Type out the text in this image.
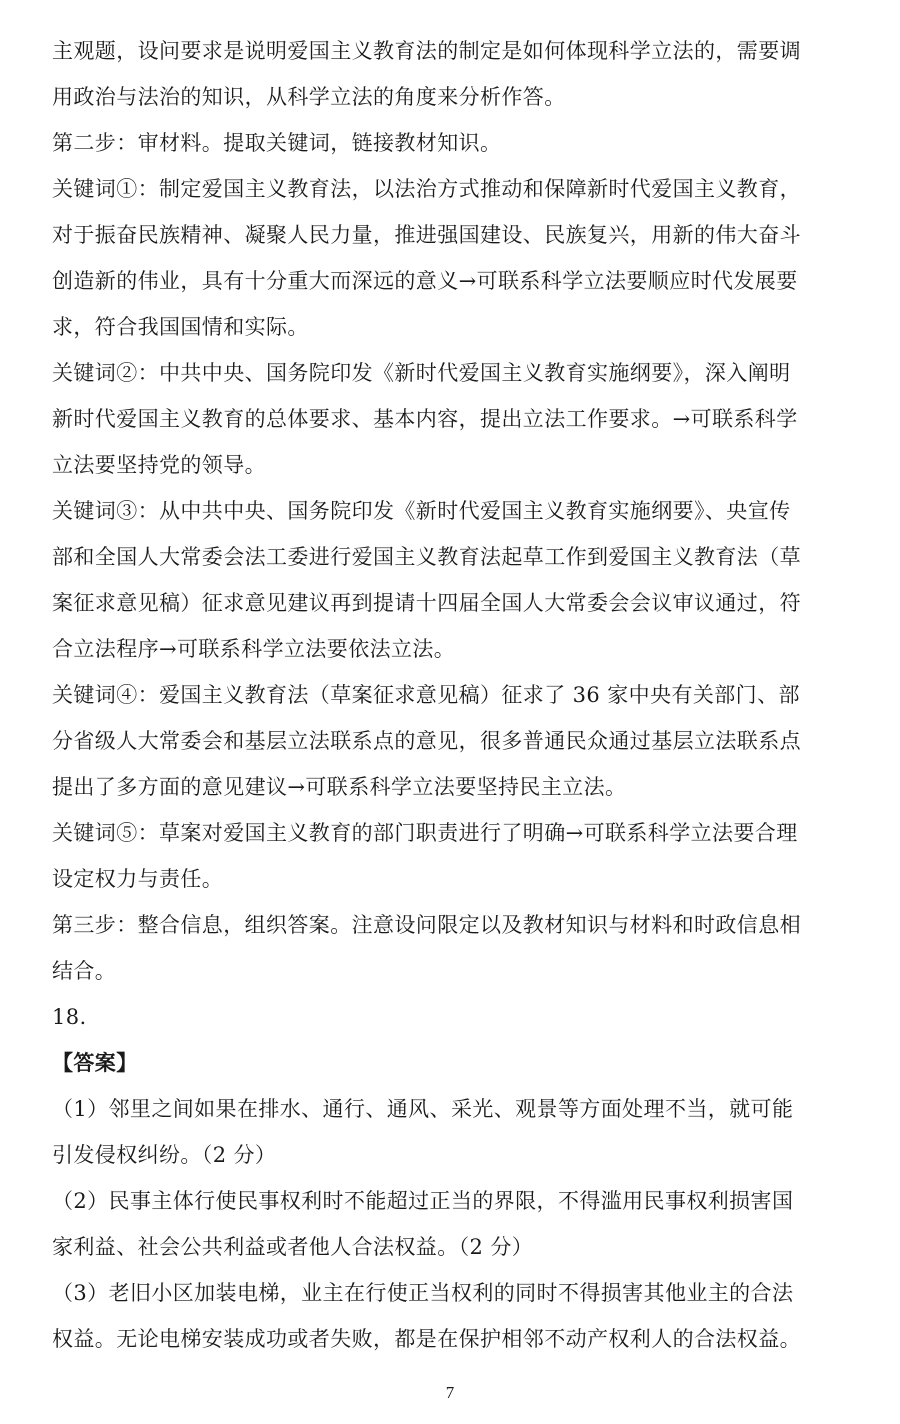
主观题，设问要求是说明爱国主义教育法的制定是如何体现科学立法的，需要调
用政治与法治的知识，从科学立法的角度来分析作答。
第二步：审材料。提取关键词，链接教材知识。
关键词①：制定爱国主义教育法，以法治方式推动和保障新时代爱国主义教育，
对于振奋民族精神、凝聚人民力量，推进强国建设、民族复兴，用新的伟大奋斗
创造新的伟业，具有十分重大而深远的意义→可联系科学立法要顺应时代发展要
求，符合我国国情和实际。
关键词②：中共中央、国务院印发《新时代爱国主义教育实施纲要》，深入阐明
新时代爱国主义教育的总体要求、基本内容，提出立法工作要求。→可联系科学
立法要坚持党的领导。
关键词③：从中共中央、国务院印发《新时代爱国主义教育实施纲要》、央宣传
部和全国人大常委会法工委进行爱国主义教育法起草工作到爱国主义教育法（草
案征求意见稿）征求意见建议再到提请十四届全国人大常委会会议审议通过，符
合立法程序→可联系科学立法要依法立法。
关键词④：爱国主义教育法（草案征求意见稿）征求了 36 家中央有关部门、部
分省级人大常委会和基层立法联系点的意见，很多普通民众通过基层立法联系点
提出了多方面的意见建议→可联系科学立法要坚持民主立法。
关键词⑤：草案对爱国主义教育的部门职责进行了明确→可联系科学立法要合理
设定权力与责任。
第三步：整合信息，组织答案。注意设问限定以及教材知识与材料和时政信息相
结合。
18.
【答案】
（1）邻里之间如果在排水、通行、通风、采光、观景等方面处理不当，就可能
引发侵权纠纷。（2 分）
（2）民事主体行使民事权利时不能超过正当的界限，不得滥用民事权利损害国
家利益、社会公共利益或者他人合法权益。（2 分）
（3）老旧小区加装电梯，业主在行使正当权利的同时不得损害其他业主的合法
权益。无论电梯安装成功或者失败，都是在保护相邻不动产权利人的合法权益。
7
